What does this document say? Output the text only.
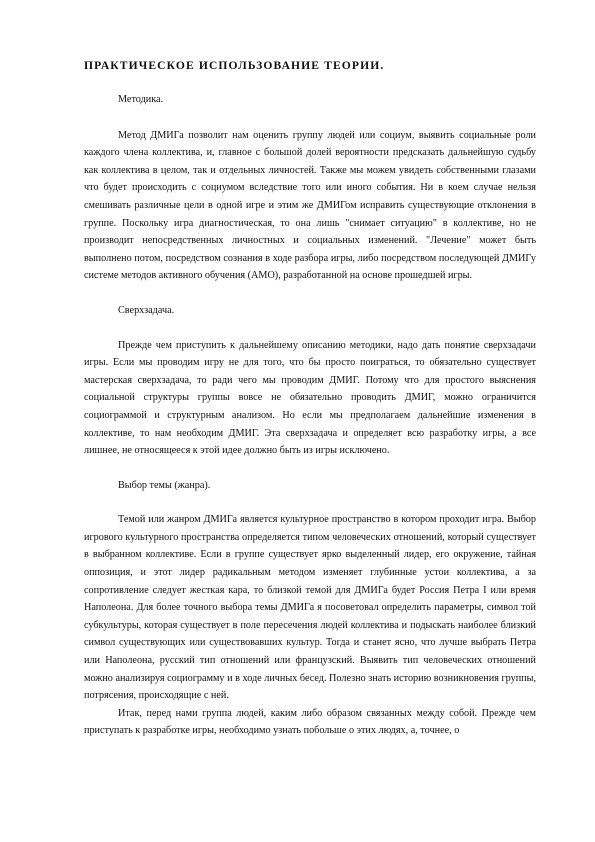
ПРАКТИЧЕСКОЕ ИСПОЛЬЗОВАНИЕ ТЕОРИИ.
Методика.

Метод ДМИГа позволит нам оценить группу людей или социум, выявить социальные роли каждого члена коллектива, и, главное с большой долей вероятности предсказать дальнейшую судьбу как коллектива в целом, так и отдельных личностей. Также мы можем увидеть собственными глазами что будет происходить с социумом вследствие того или иного события. Ни в коем случае нельзя смешивать различные цели в одной игре и этим же ДМИГом исправить существующие отклонения в группе. Поскольку игра диагностическая, то она лишь "снимает ситуацию" в коллективе, но не производит непосредственных личностных и социальных изменений. "Лечение" может быть выполнено потом, посредством сознания в ходе разбора игры, либо посредством последующей ДМИГу системе методов активного обучения (АМО), разработанной на основе прошедшей игры.

Сверхзадача.

Прежде чем приступить к дальнейшему описанию методики, надо дать понятие сверхзадачи игры. Если мы проводим игру не для того, что бы просто поиграться, то обязательно существует мастерская сверхзадача, то ради чего мы проводим ДМИГ. Потому что для простого выяснения социальной структуры группы вовсе не обязательно проводить ДМИГ, можно ограничится социограммой и структурным анализом. Но если мы предполагаем дальнейшие изменения в коллективе, то нам необходим ДМИГ. Эта сверхзадача и определяет всю разработку игры, а все лишнее, не относящееся к этой идее должно быть из игры исключено.

Выбор темы (жанра).

Темой или жанром ДМИГа является культурное пространство в котором проходит игра. Выбор игрового культурного пространства определяется типом человеческих отношений, который существует в выбранном коллективе. Если в группе существует ярко выделенный лидер, его окружение, тайная оппозиция, и этот лидер радикальным методом изменяет глубинные устои коллектива, а за сопротивление следует жесткая кара, то близкой темой для ДМИГа будет Россия Петра I или время Наполеона. Для более точного выбора темы ДМИГа я посоветовал определить параметры, символ той субкультуры, которая существует в поле пересечения людей коллектива и подыскать наиболее близкий символ существующих или существовавших культур. Тогда и станет ясно, что лучше выбрать Петра или Наполеона, русский тип отношений или французский. Выявить тип человеческих отношений можно анализируя социограмму и в ходе личных бесед. Полезно знать историю возникновения группы, потрясения, происходящие с ней.

Итак, перед нами группа людей, каким либо образом связанных между собой. Прежде чем приступать к разработке игры, необходимо узнать побольше о этих людях, а, точнее, о
